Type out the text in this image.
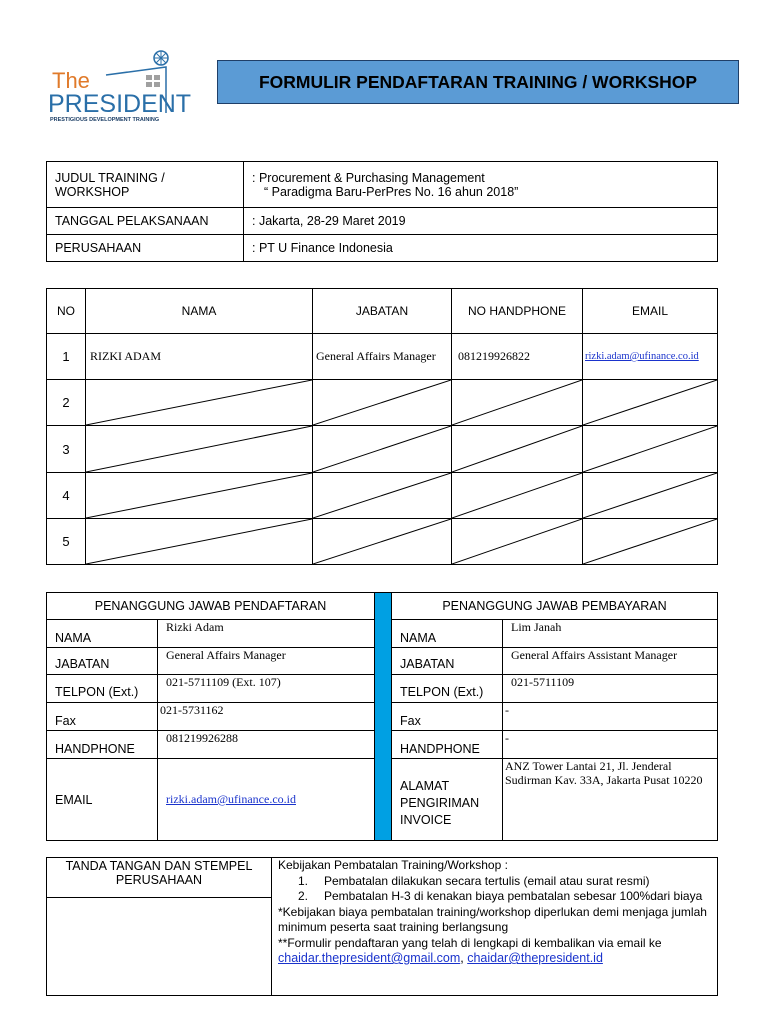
The
PRESIDENT
PRESTIGIOUS DEVELOPMENT TRAINING
FORMULIR PENDAFTARAN TRAINING / WORKSHOP
JUDUL TRAINING / WORKSHOP	: Procurement & Purchasing Management
“ Paradigma Baru-PerPres No. 16 ahun 2018”

TANGGAL PELAKSANAAN	: Jakarta, 28-29 Maret 2019
PERUSAHAAN	: PT U Finance Indonesia
NO	NAMA	JABATAN	NO HANDPHONE	EMAIL
1	RIZKI ADAM	General Affairs Manager	081219926822	rizki.adam@ufinance.co.id
2	

3	

4	

5	

PENANGGUNG JAWAB PENDAFTARAN			PENANGGUNG JAWAB PEMBAYARAN	
NAMA	Rizki Adam		NAMA	Lim Janah
JABATAN	General Affairs Manager		JABATAN	General Affairs Assistant Manager
TELPON (Ext.)	021-5711109 (Ext. 107)		TELPON (Ext.)	021-5711109
Fax	021-5731162		Fax	-
HANDPHONE	081219926288		HANDPHONE	-
EMAIL	rizki.adam@ufinance.co.id		ALAMAT PENGIRIMAN INVOICE	ANZ Tower Lantai 21, Jl. Jenderal Sudirman Kav. 33A, Jakarta Pusat 10220
TANDA TANGAN DAN STEMPEL PERUSAHAAN	
Kebijakan Pembatalan Training/Workshop :
1.	Pembatalan dilakukan secara tertulis (email atau surat resmi)
2.	Pembatalan H-3 di kenakan biaya pembatalan sebesar 100%dari biaya
*Kebijakan biaya pembatalan training/workshop diperlukan demi menjaga jumlah minimum peserta saat training berlangsung
**Formulir pendaftaran yang telah di lengkapi di kembalikan via email ke
chaidar.thepresident@gmail.com, chaidar@thepresident.id
